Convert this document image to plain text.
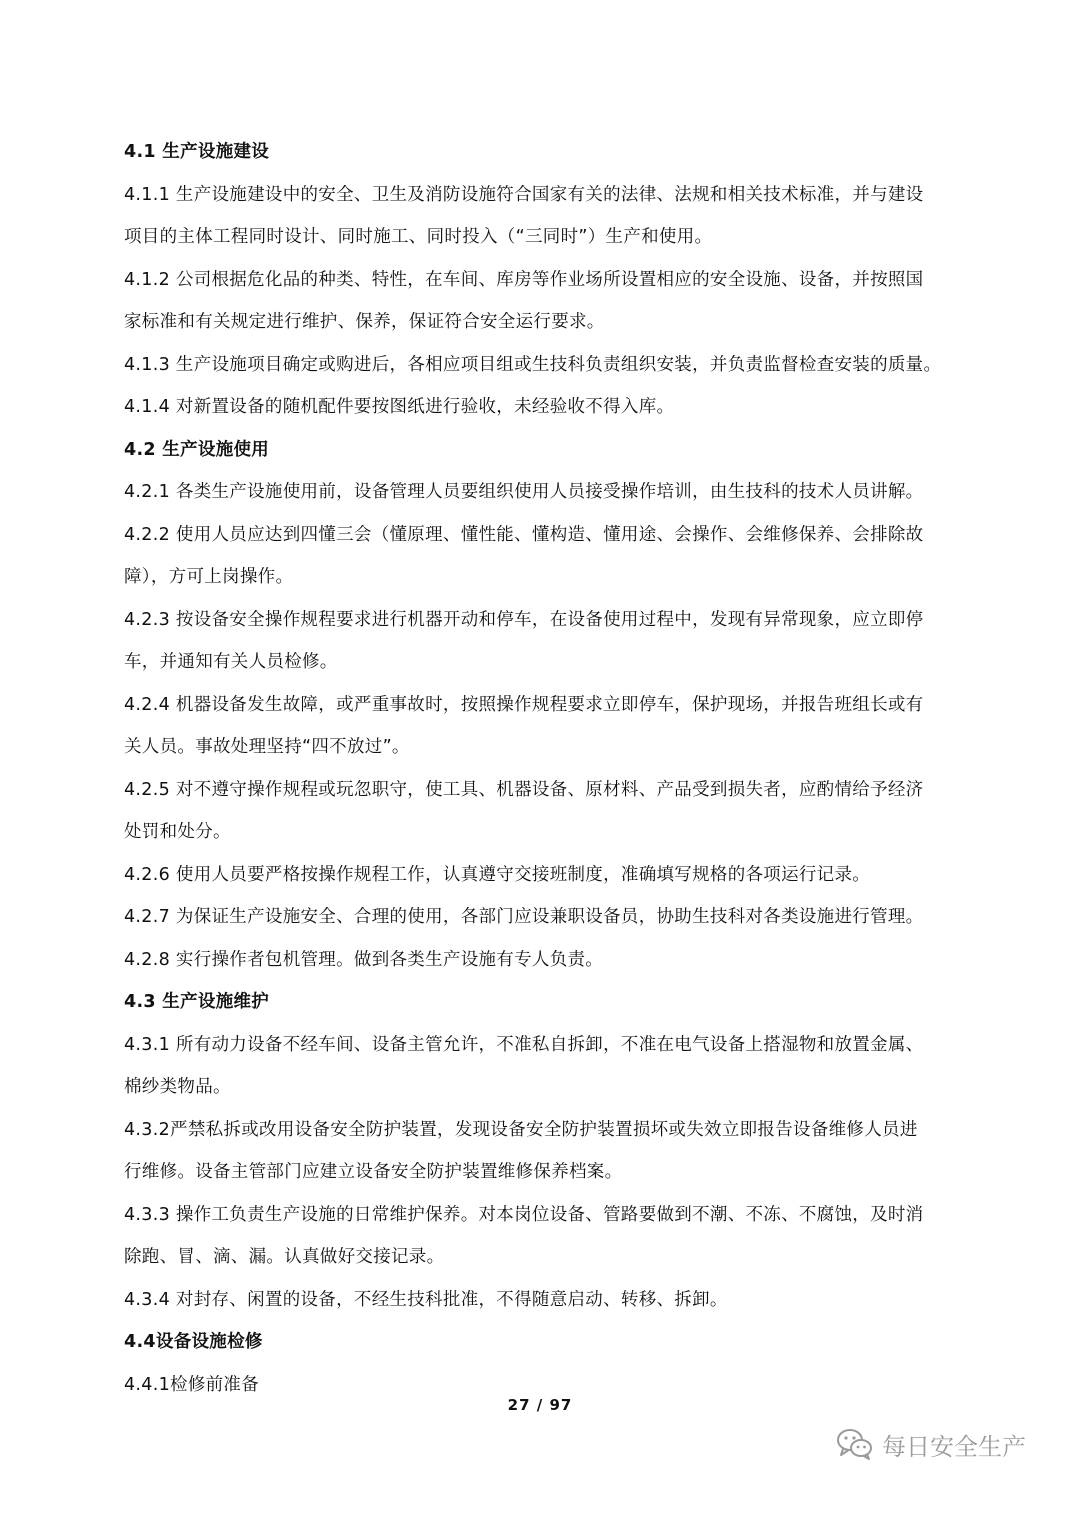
4.1 生产设施建设
4.1.1 生产设施建设中的安全、卫生及消防设施符合国家有关的法律、法规和相关技术标准，并与建设
项目的主体工程同时设计、同时施工、同时投入（“三同时”）生产和使用。
4.1.2 公司根据危化品的种类、特性，在车间、库房等作业场所设置相应的安全设施、设备，并按照国
家标准和有关规定进行维护、保养，保证符合安全运行要求。
4.1.3 生产设施项目确定或购进后，各相应项目组或生技科负责组织安装，并负责监督检查安装的质量。
4.1.4 对新置设备的随机配件要按图纸进行验收，未经验收不得入库。
4.2 生产设施使用
4.2.1 各类生产设施使用前，设备管理人员要组织使用人员接受操作培训，由生技科的技术人员讲解。
4.2.2 使用人员应达到四懂三会（懂原理、懂性能、懂构造、懂用途、会操作、会维修保养、会排除故
障），方可上岗操作。
4.2.3 按设备安全操作规程要求进行机器开动和停车，在设备使用过程中，发现有异常现象，应立即停
车，并通知有关人员检修。
4.2.4 机器设备发生故障，或严重事故时，按照操作规程要求立即停车，保护现场，并报告班组长或有
关人员。事故处理坚持“四不放过”。
4.2.5 对不遵守操作规程或玩忽职守，使工具、机器设备、原材料、产品受到损失者，应酌情给予经济
处罚和处分。
4.2.6 使用人员要严格按操作规程工作，认真遵守交接班制度，准确填写规格的各项运行记录。
4.2.7 为保证生产设施安全、合理的使用，各部门应设兼职设备员，协助生技科对各类设施进行管理。
4.2.8 实行操作者包机管理。做到各类生产设施有专人负责。
4.3 生产设施维护
4.3.1 所有动力设备不经车间、设备主管允许，不准私自拆卸，不准在电气设备上搭湿物和放置金属、
棉纱类物品。
4.3.2严禁私拆或改用设备安全防护装置，发现设备安全防护装置损坏或失效立即报告设备维修人员进
行维修。设备主管部门应建立设备安全防护装置维修保养档案。
4.3.3 操作工负责生产设施的日常维护保养。对本岗位设备、管路要做到不潮、不冻、不腐蚀，及时消
除跑、冒、滴、漏。认真做好交接记录。
4.3.4 对封存、闲置的设备，不经生技科批准，不得随意启动、转移、拆卸。
4.4设备设施检修
4.4.1检修前准备
27 / 97
每日安全生产
